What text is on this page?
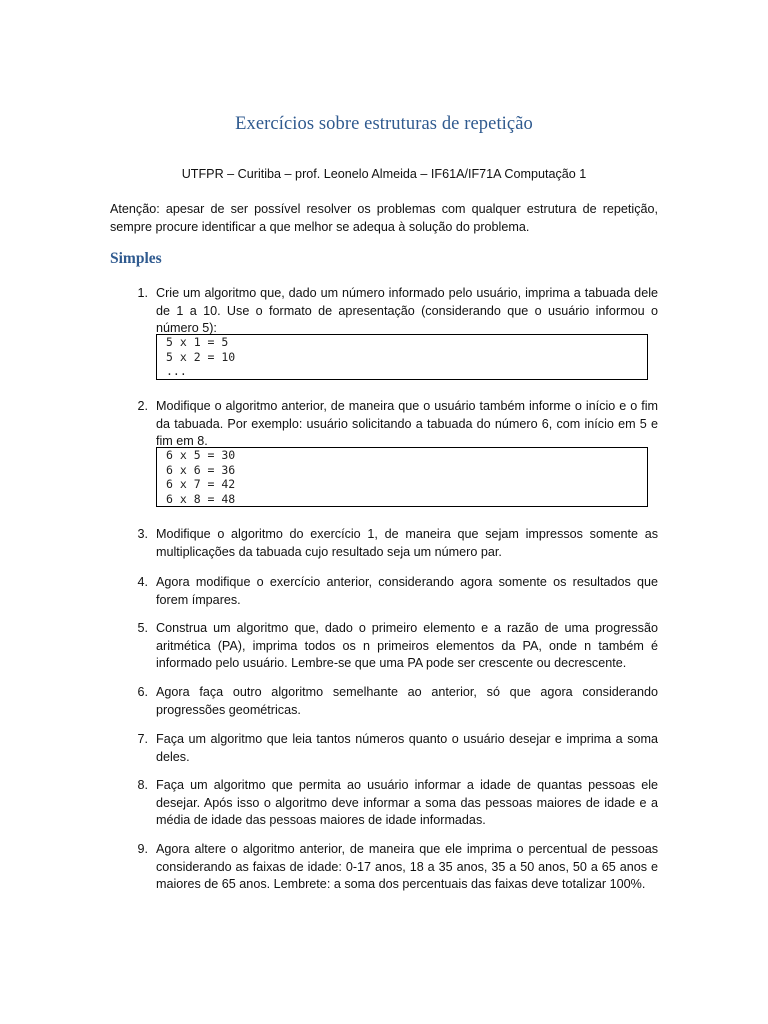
Exercícios sobre estruturas de repetição

UTFPR – Curitiba – prof. Leonelo Almeida – IF61A/IF71A Computação 1

Atenção: apesar de ser possível resolver os problemas com qualquer estrutura de repetição, sempre procure identificar a que melhor se adequa à solução do problema.

Simples
1. Crie um algoritmo que, dado um número informado pelo usuário, imprima a tabuada dele de 1 a 10. Use o formato de apresentação (considerando que o usuário informou o número 5):
5 x 1 = 5
5 x 2 = 10
...
2. Modifique o algoritmo anterior, de maneira que o usuário também informe o início e o fim da tabuada. Por exemplo: usuário solicitando a tabuada do número 6, com início em 5 e fim em 8.
6 x 5 = 30
6 x 6 = 36
6 x 7 = 42
6 x 8 = 48
3. Modifique o algoritmo do exercício 1, de maneira que sejam impressos somente as multiplicações da tabuada cujo resultado seja um número par.
4. Agora modifique o exercício anterior, considerando agora somente os resultados que forem ímpares.
5. Construa um algoritmo que, dado o primeiro elemento e a razão de uma progressão aritmética (PA), imprima todos os n primeiros elementos da PA, onde n também é informado pelo usuário. Lembre-se que uma PA pode ser crescente ou decrescente.
6. Agora faça outro algoritmo semelhante ao anterior, só que agora considerando progressões geométricas.
7. Faça um algoritmo que leia tantos números quanto o usuário desejar e imprima a soma deles.
8. Faça um algoritmo que permita ao usuário informar a idade de quantas pessoas ele desejar. Após isso o algoritmo deve informar a soma das pessoas maiores de idade e a média de idade das pessoas maiores de idade informadas.
9. Agora altere o algoritmo anterior, de maneira que ele imprima o percentual de pessoas considerando as faixas de idade: 0-17 anos, 18 a 35 anos, 35 a 50 anos, 50 a 65 anos e maiores de 65 anos. Lembrete: a soma dos percentuais das faixas deve totalizar 100%.
